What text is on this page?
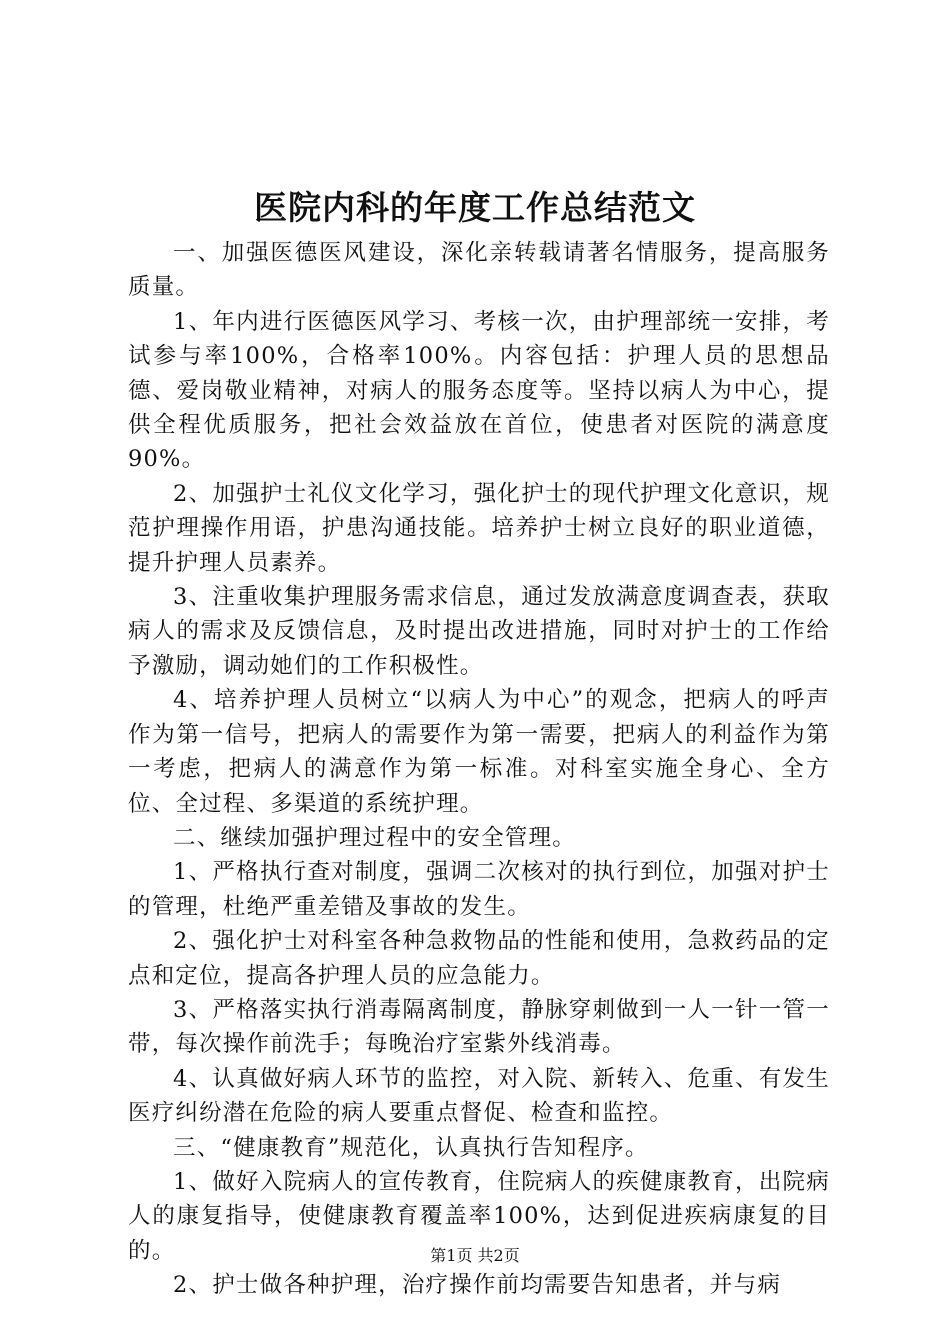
医院内科的年度工作总结范文

一、加强医德医风建设，深化亲转载请著名情服务，提高服务质量。

1、年内进行医德医风学习、考核一次，由护理部统一安排，考试参与率100%，合格率100%。内容包括：护理人员的思想品德、爱岗敬业精神，对病人的服务态度等。坚持以病人为中心，提供全程优质服务，把社会效益放在首位，使患者对医院的满意度90%。

2、加强护士礼仪文化学习，强化护士的现代护理文化意识，规范护理操作用语，护患沟通技能。培养护士树立良好的职业道德，提升护理人员素养。

3、注重收集护理服务需求信息，通过发放满意度调查表，获取病人的需求及反馈信息，及时提出改进措施，同时对护士的工作给予激励，调动她们的工作积极性。

4、培养护理人员树立“以病人为中心”的观念，把病人的呼声作为第一信号，把病人的需要作为第一需要，把病人的利益作为第一考虑，把病人的满意作为第一标准。对科室实施全身心、全方位、全过程、多渠道的系统护理。

二、继续加强护理过程中的安全管理。

1、严格执行查对制度，强调二次核对的执行到位，加强对护士的管理，杜绝严重差错及事故的发生。

2、强化护士对科室各种急救物品的性能和使用，急救药品的定点和定位，提高各护理人员的应急能力。

3、严格落实执行消毒隔离制度，静脉穿刺做到一人一针一管一带，每次操作前洗手；每晚治疗室紫外线消毒。

4、认真做好病人环节的监控，对入院、新转入、危重、有发生医疗纠纷潜在危险的病人要重点督促、检查和监控。

三、“健康教育”规范化，认真执行告知程序。

1、做好入院病人的宣传教育，住院病人的疾健康教育，出院病人的康复指导，使健康教育覆盖率100%，达到促进疾病康复的目的。

2、护士做各种护理，治疗操作前均需要告知患者，并与病

第1页 共2页
